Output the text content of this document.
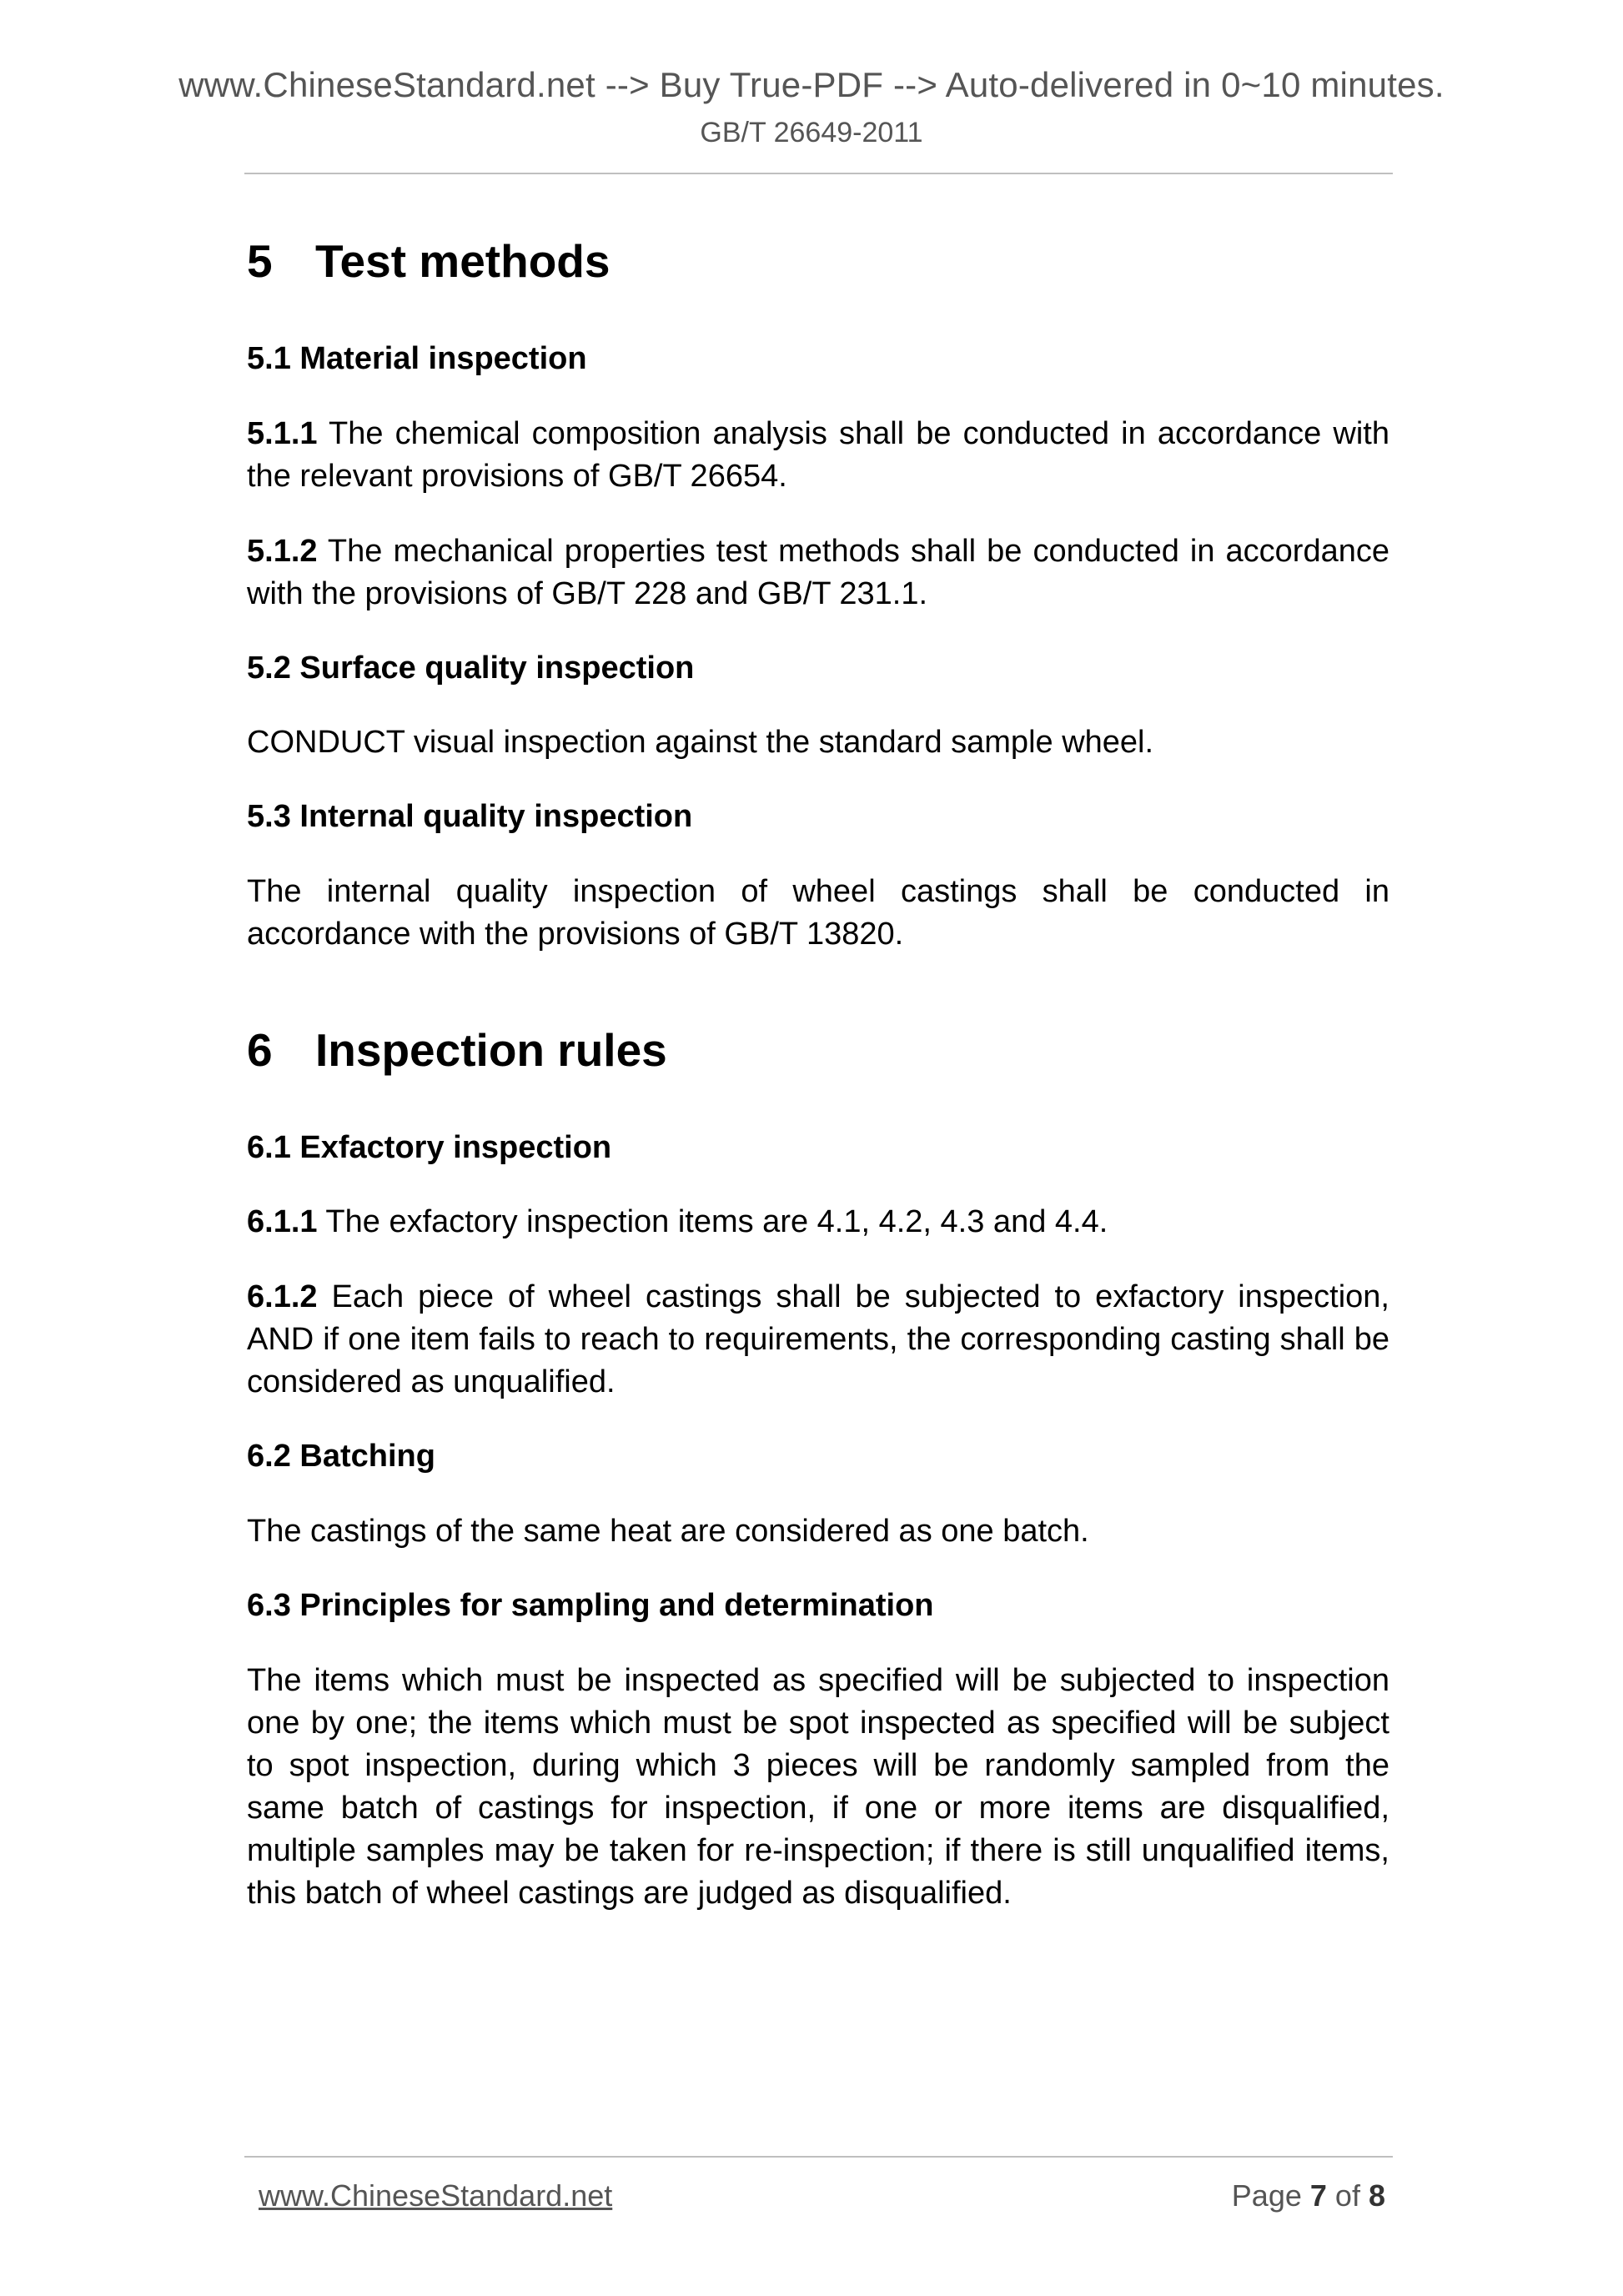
www.ChineseStandard.net --> Buy True-PDF --> Auto-delivered in 0~10 minutes.
GB/T 26649-2011
5 Test methods
5.1 Material inspection

5.1.1 The chemical composition analysis shall be conducted in accordance with the relevant provisions of GB/T 26654.

5.1.2 The mechanical properties test methods shall be conducted in accordance with the provisions of GB/T 228 and GB/T 231.1.

5.2 Surface quality inspection

CONDUCT visual inspection against the standard sample wheel.

5.3 Internal quality inspection

The internal quality inspection of wheel castings shall be conducted in accordance with the provisions of GB/T 13820.

6 Inspection rules
6.1 Exfactory inspection

6.1.1 The exfactory inspection items are 4.1, 4.2, 4.3 and 4.4.

6.1.2 Each piece of wheel castings shall be subjected to exfactory inspection, AND if one item fails to reach to requirements, the corresponding casting shall be considered as unqualified.

6.2 Batching

The castings of the same heat are considered as one batch.

6.3 Principles for sampling and determination

The items which must be inspected as specified will be subjected to inspection one by one; the items which must be spot inspected as specified will be subject to spot inspection, during which 3 pieces will be randomly sampled from the same batch of castings for inspection, if one or more items are disqualified, multiple samples may be taken for re-inspection; if there is still unqualified items, this batch of wheel castings are judged as disqualified.

www.ChineseStandard.net	Page 7 of 8
